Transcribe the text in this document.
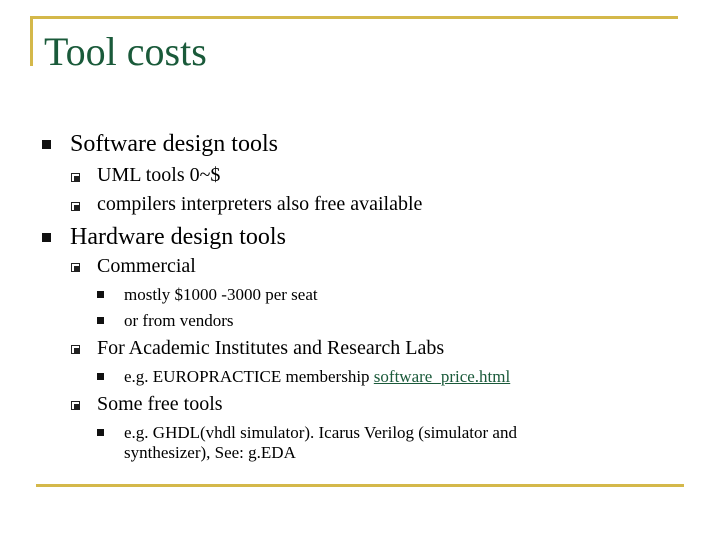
Tool costs
Software design tools
UML tools 0~$
compilers interpreters also free available
Hardware design tools
Commercial
mostly $1000 -3000 per seat
or from vendors
For Academic Institutes and Research Labs
e.g. EUROPRACTICE membership software_price.html
Some free tools
e.g. GHDL(vhdl simulator). Icarus Verilog (simulator and
synthesizer), See: g.EDA
